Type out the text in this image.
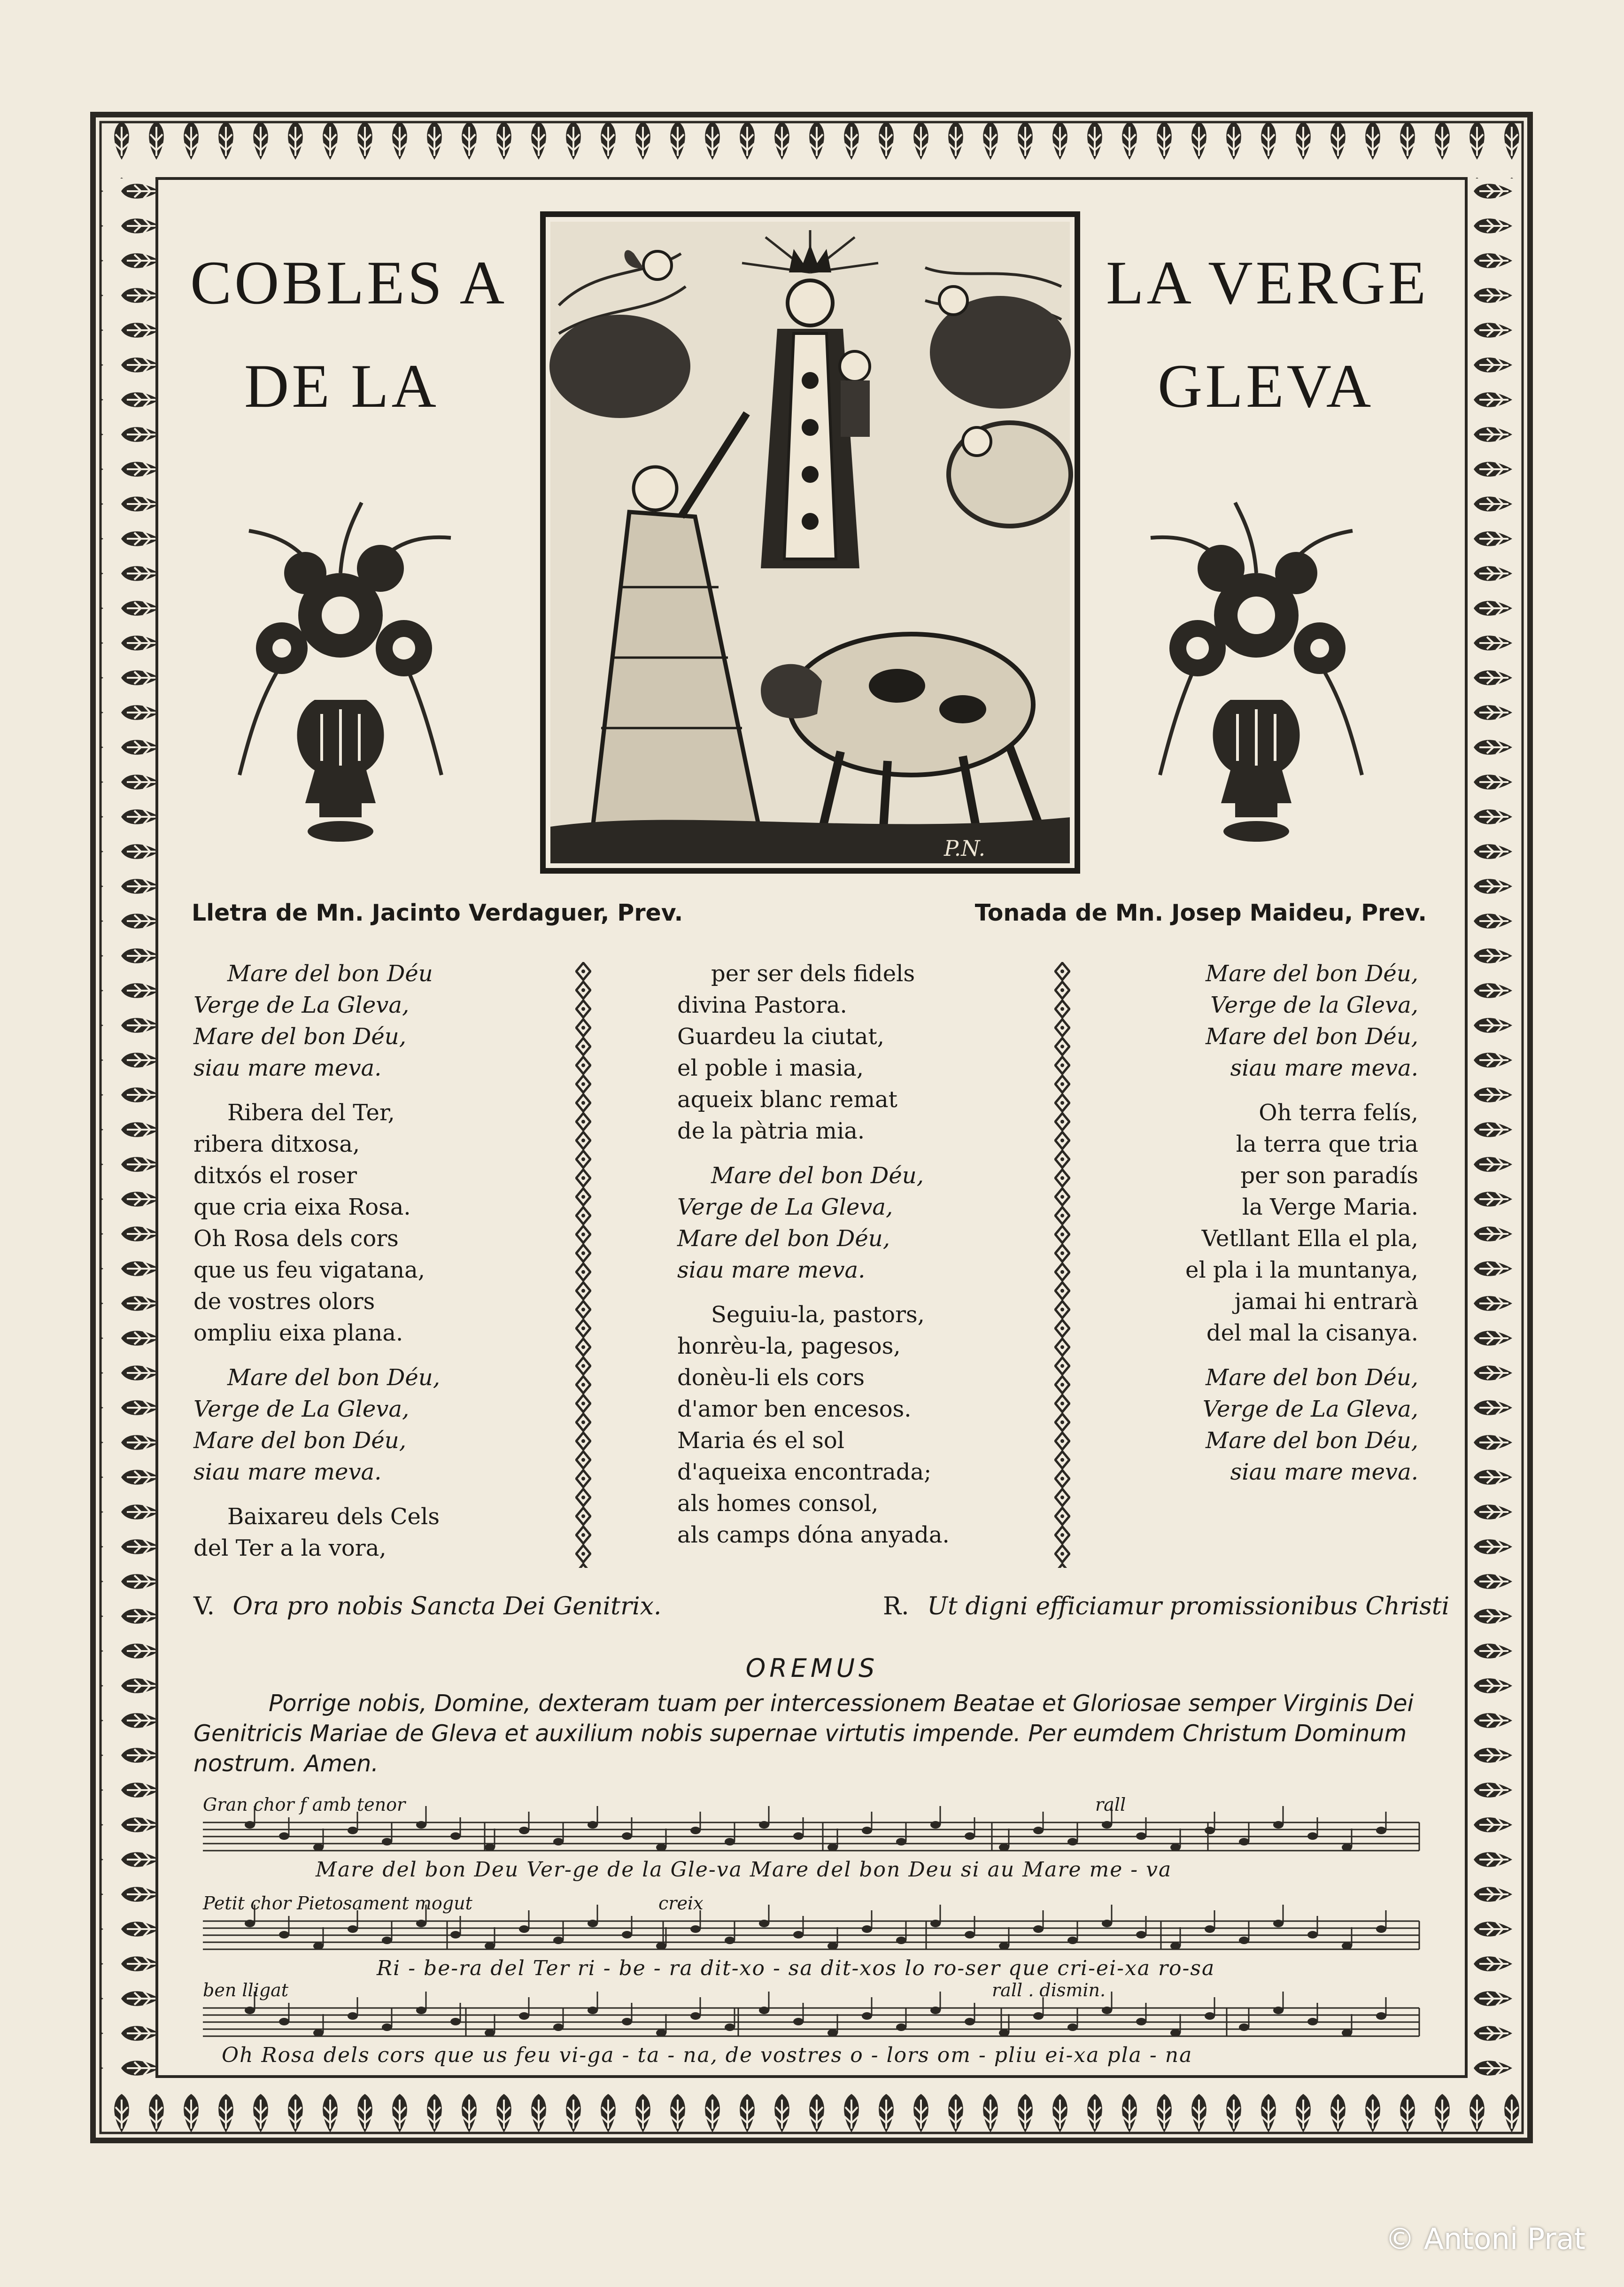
COBLES A
DE LA
LA VERGE
GLEVA
P.N.
Lletra de Mn. Jacinto Verdaguer, Prev.	Tonada de Mn. Josep Maideu, Prev.
Mare del bon Déu
Verge de La Gleva,
Mare del bon Déu,
siau mare meva.
Ribera del Ter,
ribera ditxosa,
ditxós el roser
que cria eixa Rosa.
Oh Rosa dels cors
que us feu vigatana,
de vostres olors
ompliu eixa plana.
Mare del bon Déu,
Verge de La Gleva,
Mare del bon Déu,
siau mare meva.
Baixareu dels Cels
del Ter a la vora,
per ser dels fidels
divina Pastora.
Guardeu la ciutat,
el poble i masia,
aqueix blanc remat
de la pàtria mia.
Mare del bon Déu,
Verge de La Gleva,
Mare del bon Déu,
siau mare meva.
Seguiu-la, pastors,
honrèu-la, pagesos,
donèu-li els cors
d'amor ben encesos.
Maria és el sol
d'aqueixa encontrada;
als homes consol,
als camps dóna anyada.
Mare del bon Déu,
Verge de la Gleva,
Mare del bon Déu,
siau mare meva.
Oh terra felís,
la terra que tria
per son paradís
la Verge Maria.
Vetllant Ella el pla,
el pla i la muntanya,
jamai hi entrarà
del mal la cisanya.
Mare del bon Déu,
Verge de La Gleva,
Mare del bon Déu,
siau mare meva.
V. Ora pro nobis Sancta Dei Genitrix.	R. Ut digni efficiamur promissionibus Christi
OREMUS
Porrige nobis, Domine, dexteram tuam per intercessionem Beatae et Gloriosae semper Virginis Dei Genitricis Mariae de Gleva et auxilium nobis supernae virtutis impende. Per eumdem Christum Dominum nostrum. Amen.
Gran chor f amb tenor	rall
Mare del bon Deu Ver-ge de la Gle-va Mare del bon Deu si au Mare me - va
Petit chor Pietosament mogut	creix
Ri - be-ra del Ter ri - be - ra dit-xo - sa dit-xos lo ro-ser que cri-ei-xa ro-sa
ben lligat	rall . dismin.
Oh Rosa dels cors que us feu vi-ga - ta - na, de vostres o - lors om - pliu ei-xa pla - na
© Antoni Prat
